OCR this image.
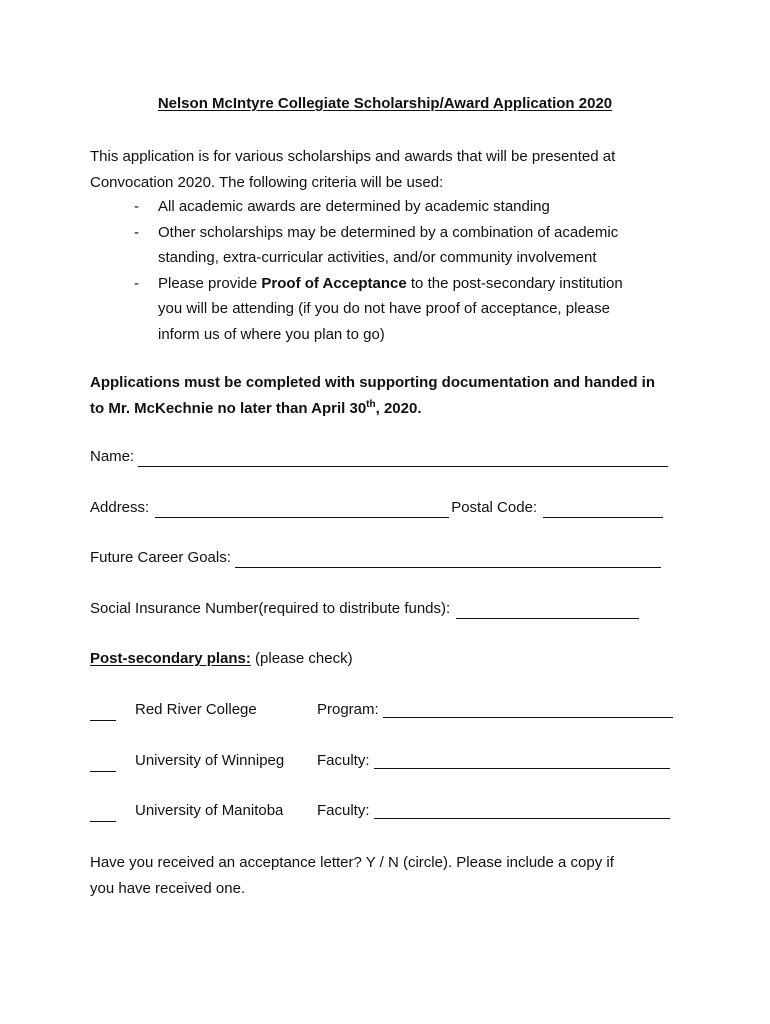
Nelson McIntyre Collegiate Scholarship/Award Application 2020
This application is for various scholarships and awards that will be presented at
Convocation 2020. The following criteria will be used:
- All academic awards are determined by academic standing
- Other scholarships may be determined by a combination of academic
standing, extra-curricular activities, and/or community involvement
- Please provide Proof of Acceptance to the post-secondary institution
you will be attending (if you do not have proof of acceptance, please
inform us of where you plan to go)
Applications must be completed with supporting documentation and handed in
to Mr. McKechnie no later than April 30th, 2020.
Name:
Address:	Postal Code:
Future Career Goals:
Social Insurance Number(required to distribute funds):
Post-secondary plans: (please check)
Red River College	Program:
University of Winnipeg Faculty:
University of Manitoba Faculty:
Have you received an acceptance letter? Y / N (circle). Please include a copy if
you have received one.
